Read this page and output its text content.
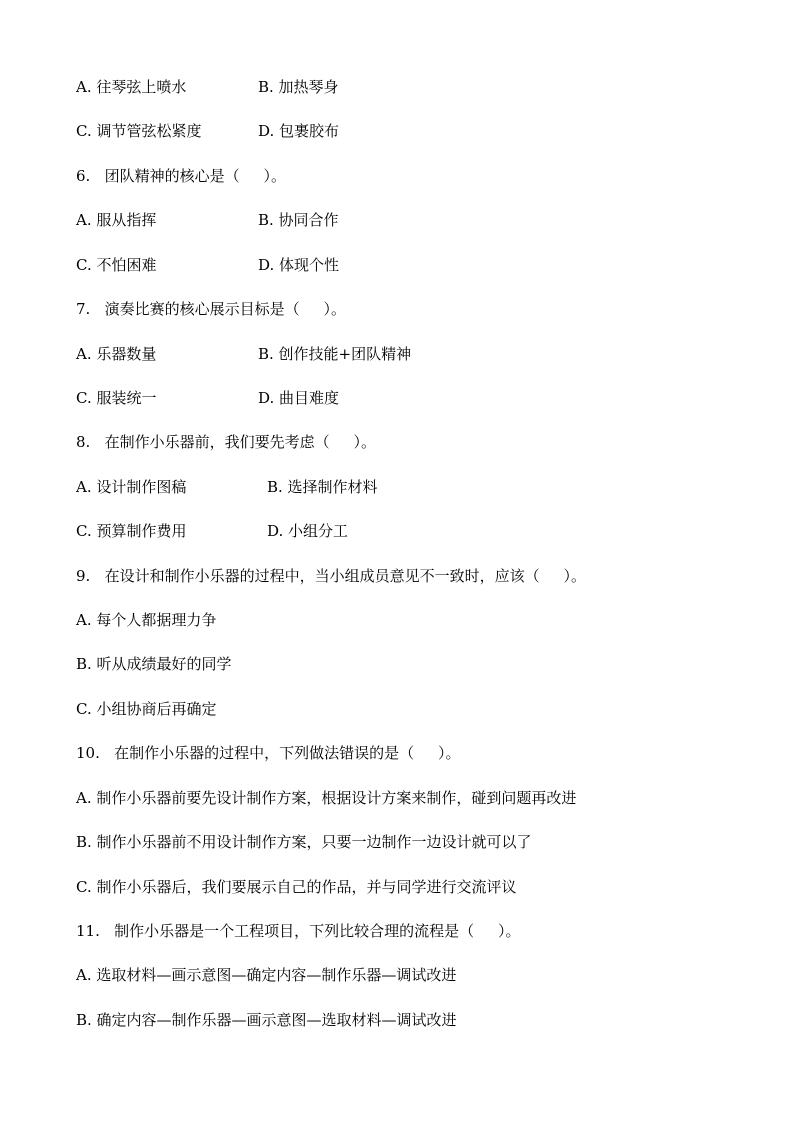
A. 往琴弦上喷水	B. 加热琴身
C. 调节管弦松紧度	D. 包裹胶布
6.   团队精神的核心是（     ）。
A. 服从指挥	B. 协同合作
C. 不怕困难	D. 体现个性
7.   演奏比赛的核心展示目标是（     ）。
A. 乐器数量	B. 创作技能+团队精神
C. 服装统一	D. 曲目难度
8.   在制作小乐器前，我们要先考虑（     ）。
A. 设计制作图稿	B. 选择制作材料
C. 预算制作费用	D. 小组分工
9.   在设计和制作小乐器的过程中，当小组成员意见不一致时，应该（     ）。
A. 每个人都据理力争
B. 听从成绩最好的同学
C. 小组协商后再确定
10.   在制作小乐器的过程中，下列做法错误的是（     ）。
A. 制作小乐器前要先设计制作方案，根据设计方案来制作，碰到问题再改进
B. 制作小乐器前不用设计制作方案，只要一边制作一边设计就可以了
C. 制作小乐器后，我们要展示自己的作品，并与同学进行交流评议
11.   制作小乐器是一个工程项目，下列比较合理的流程是（     ）。
A. 选取材料—画示意图—确定内容—制作乐器—调试改进
B. 确定内容—制作乐器—画示意图—选取材料—调试改进
